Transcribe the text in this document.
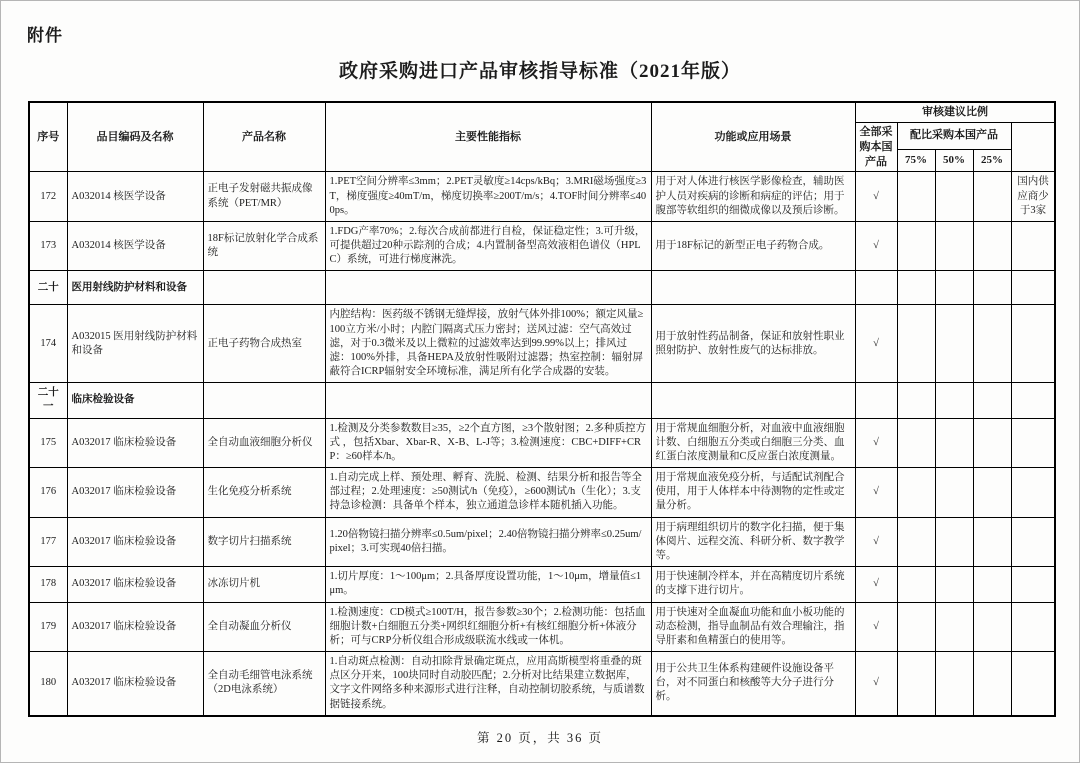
附件
政府采购进口产品审核指导标准（2021年版）
序号	品目编码及名称	产品名称	主要性能指标	功能或应用场景	审核建议比例	
					全部采购本国产品	配比采购本国产品				
						75%	50%	25%		
172	A032014 核医学设备	正电子发射磁共振成像系统（PET/MR）	1.PET空间分辨率≤3mm；2.PET灵敏度≥14cps/kBq；3.MRI磁场强度≥3T，梯度强度≥40mT/m，梯度切换率≥200T/m/s；4.TOF时间分辨率≤400ps。	用于对人体进行核医学影像检查，辅助医护人员对疾病的诊断和病症的评估；用于腹部等软组织的细微成像以及预后诊断。	√				国内供应商少于3家	
173	A032014 核医学设备	18F标记放射化学合成系统	1.FDG产率70%；2.每次合成前都进行自检，保证稳定性；3.可升级，可提供超过20种示踪剂的合成；4.内置制备型高效液相色谱仪（HPLC）系统，可进行梯度淋洗。	用于18F标记的新型正电子药物合成。	√					
二十	医用射线防护材料和设备									
174	A032015 医用射线防护材料和设备	正电子药物合成热室	内腔结构：医药级不锈钢无缝焊接，放射气体外排100%；额定风量≥100立方米/小时；内腔门隔离式压力密封；送风过滤：空气高效过滤，对于0.3微米及以上微粒的过滤效率达到99.99%以上；排风过滤：100%外排，具备HEPA及放射性吸附过滤器；热室控制：辐射屏蔽符合ICRP辐射安全环境标准，满足所有化学合成器的安装。	用于放射性药品制备，保证和放射性职业照射防护、放射性废气的达标排放。	√					
二十一	临床检验设备									
175	A032017 临床检验设备	全自动血液细胞分析仪	1.检测及分类参数数目≥35，≥2个直方图，≥3个散射图；2.多种质控方式 ，包括Xbar、Xbar-R、X-B、L-J等；3.检测速度：CBC+DIFF+CRP：≥60样本/h。	用于常规血细胞分析，对血液中血液细胞计数、白细胞五分类或白细胞三分类、血红蛋白浓度测量和C反应蛋白浓度测量。	√					
176	A032017 临床检验设备	生化免疫分析系统	1.自动完成上样、预处理、孵育、洗脱、检测、结果分析和报告等全部过程；2.处理速度：≥50测试/h（免疫），≥600测试/h（生化）；3.支持急诊检测：具备单个样本，独立通道急诊样本随机插入功能。	用于常规血液免疫分析，与适配试剂配合使用，用于人体样本中待测物的定性或定量分析。	√					
177	A032017 临床检验设备	数字切片扫描系统	1.20倍物镜扫描分辨率≤0.5um/pixel；2.40倍物镜扫描分辨率≤0.25um/pixel；3.可实现40倍扫描。	用于病理组织切片的数字化扫描，便于集体阅片、远程交流、科研分析、数字教学等。	√					
178	A032017 临床检验设备	冰冻切片机	1.切片厚度：1～100μm；2.具备厚度设置功能，1～10μm，增量值≤1μm。	用于快速制冷样本，并在高精度切片系统的支撑下进行切片。	√					
179	A032017 临床检验设备	全自动凝血分析仪	1.检测速度：CD模式≥100T/H，报告参数≥30个；2.检测功能：包括血细胞计数+白细胞五分类+网织红细胞分析+有核红细胞分析+体液分析；可与CRP分析仪组合形成级联流水线或一体机。	用于快速对全血凝血功能和血小板功能的动态检测，指导血制品有效合理输注，指导肝素和鱼精蛋白的使用等。	√					
180	A032017 临床检验设备	全自动毛细管电泳系统（2D电泳系统）	1.自动斑点检测：自动扣除背景确定斑点，应用高斯模型将重叠的斑点区分开来，100块同时自动胶匹配；2.分析对比结果建立数据库，文字文件网络多种来源形式进行注释，自动控制切胶系统，与质谱数据链接系统。	用于公共卫生体系构建硬件设施设备平台，对不同蛋白和核酸等大分子进行分析。	√					
第 20 页，共 36 页
